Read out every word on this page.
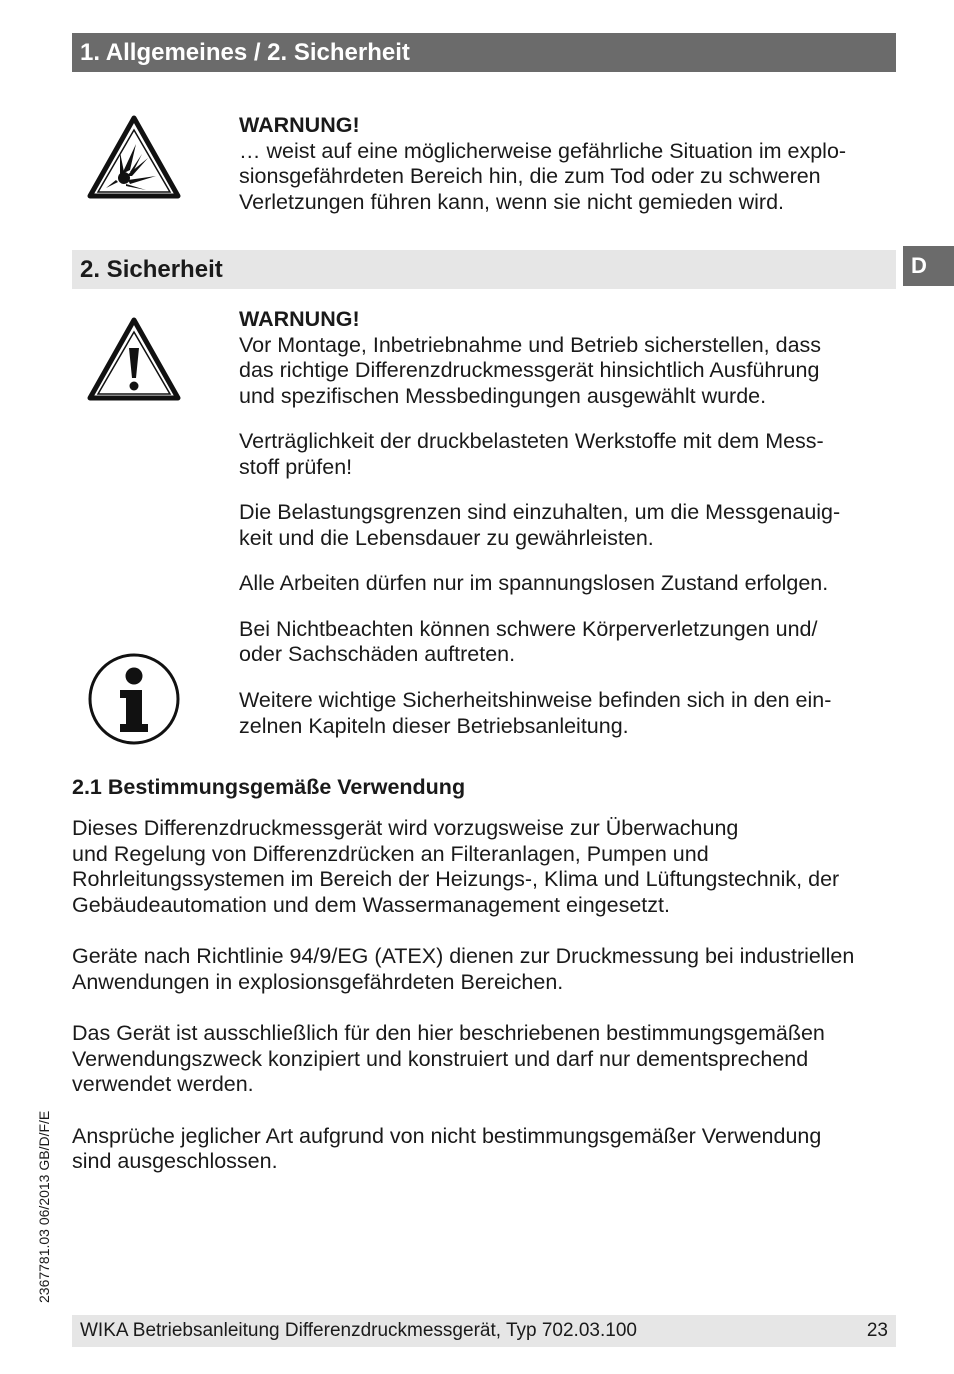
1. Allgemeines / 2. Sicherheit
WARNUNG!
… weist auf eine möglicherweise gefährliche Situation im explo-
sionsgefährdeten Bereich hin, die zum Tod oder zu schweren
Verletzungen führen kann, wenn sie nicht gemieden wird.
2. Sicherheit	D

WARNUNG!
Vor Montage, Inbetriebnahme und Betrieb sicherstellen, dass
das richtige Differenzdruckmessgerät hinsichtlich Ausführung
und spezifischen Messbedingungen ausgewählt wurde.

Verträglichkeit der druckbelasteten Werkstoffe mit dem Mess-
stoff prüfen!

Die Belastungsgrenzen sind einzuhalten, um die Messgenauig-
keit und die Lebensdauer zu gewährleisten.

Alle Arbeiten dürfen nur im spannungslosen Zustand erfolgen.

Bei Nichtbeachten können schwere Körperverletzungen und/
oder Sachschäden auftreten.

Weitere wichtige Sicherheitshinweise befinden sich in den ein-
zelnen Kapiteln dieser Betriebsanleitung.
2.1 Bestimmungsgemäße Verwendung

Dieses Differenzdruckmessgerät wird vorzugsweise zur Überwachung
und Regelung von Differenzdrücken an Filteranlagen, Pumpen und
Rohrleitungssystemen im Bereich der Heizungs-, Klima und Lüftungstechnik, der
Gebäudeautomation und dem Wassermanagement eingesetzt.

Geräte nach Richtlinie 94/9/EG (ATEX) dienen zur Druckmessung bei industriellen
Anwendungen in explosionsgefährdeten Bereichen.

Das Gerät ist ausschließlich für den hier beschriebenen bestimmungsgemäßen
Verwendungszweck konzipiert und konstruiert und darf nur dementsprechend
verwendet werden.

Ansprüche jeglicher Art aufgrund von nicht bestimmungsgemäßer Verwendung
sind ausgeschlossen.

2367781.03 06/2013 GB/D/F/E
WIKA Betriebsanleitung Differenzdruckmessgerät, Typ 702.03.100	23
